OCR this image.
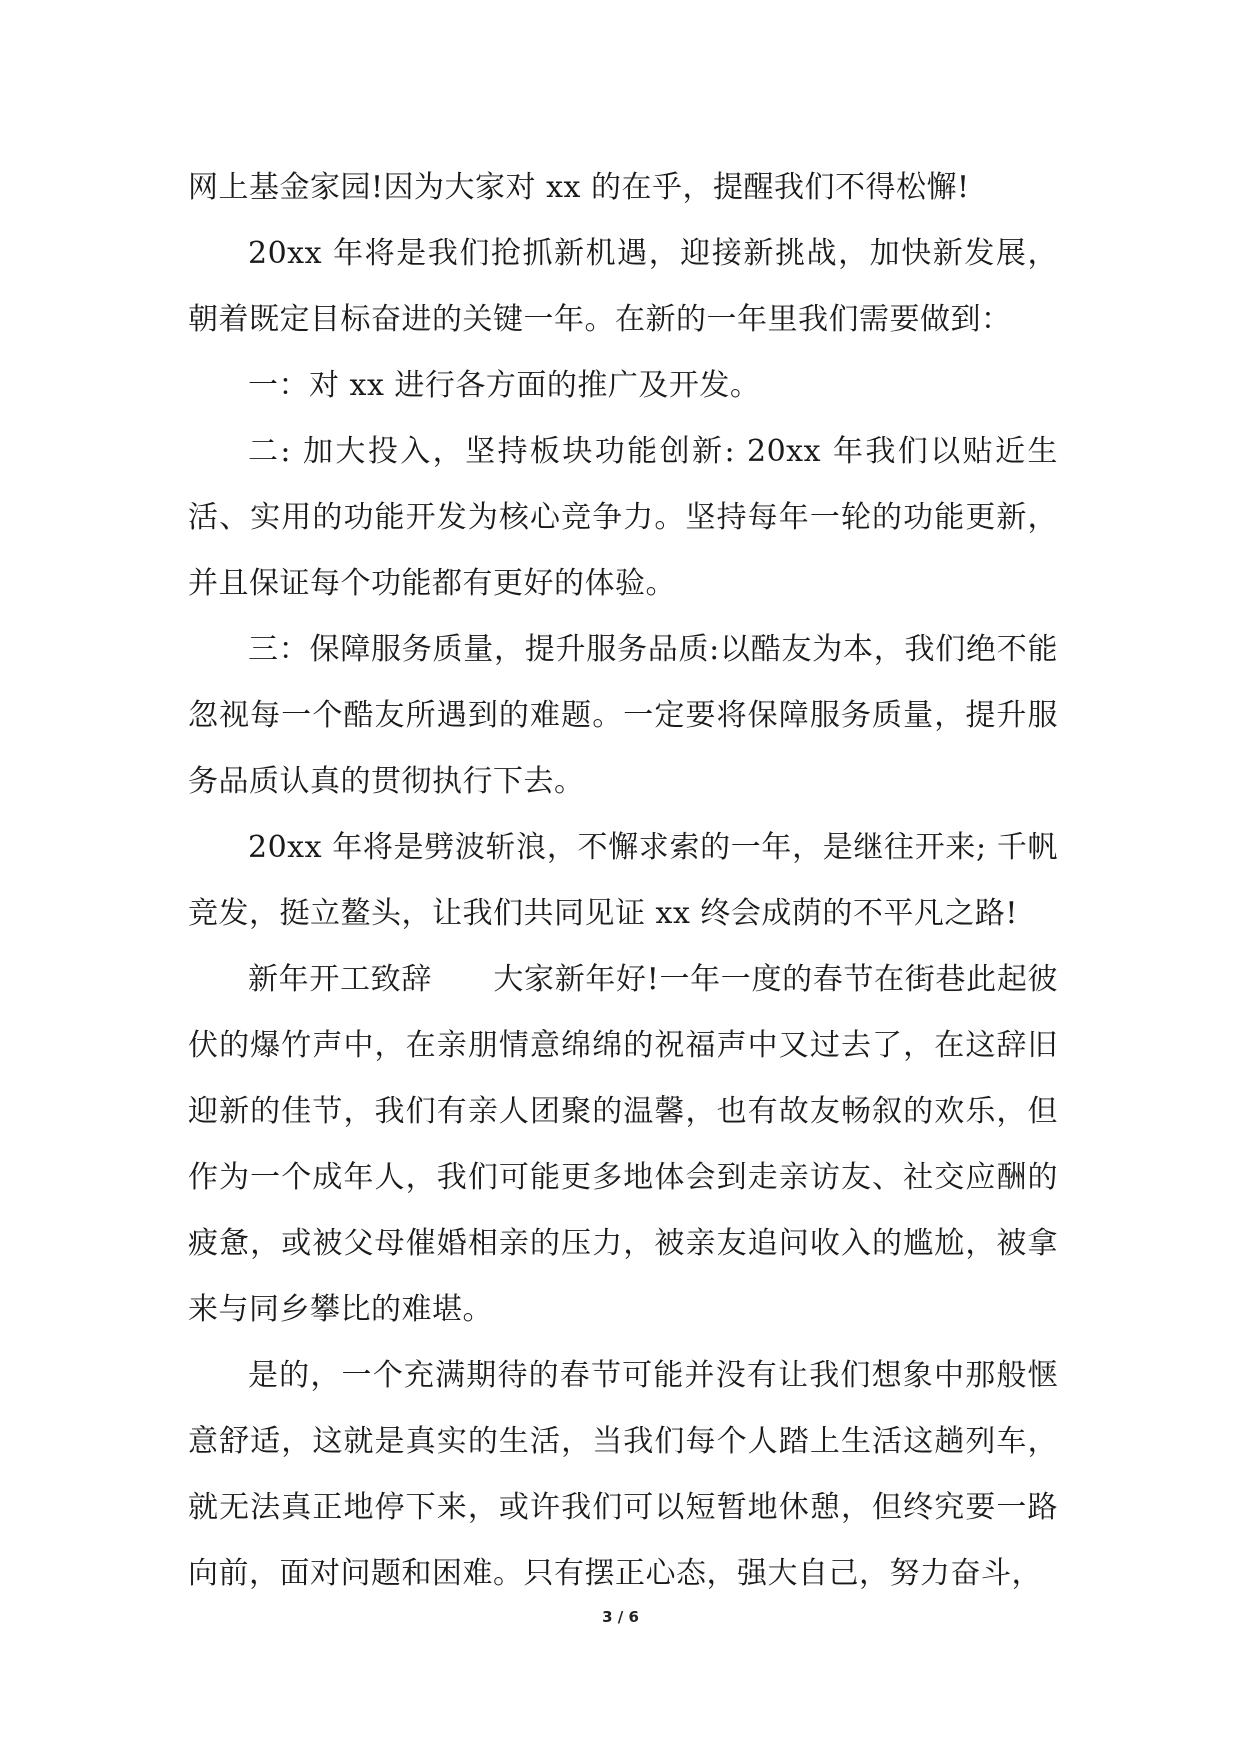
网上基金家园!因为大家对 xx 的在乎，提醒我们不得松懈!

20xx 年将是我们抢抓新机遇，迎接新挑战，加快新发展，朝着既定目标奋进的关键一年。在新的一年里我们需要做到：

一：对 xx 进行各方面的推广及开发。

二: 加大投入，坚持板块功能创新: 20xx 年我们以贴近生活、实用的功能开发为核心竞争力。坚持每年一轮的功能更新，并且保证每个功能都有更好的体验。

三：保障服务质量，提升服务品质:以酷友为本，我们绝不能忽视每一个酷友所遇到的难题。一定要将保障服务质量，提升服务品质认真的贯彻执行下去。

20xx 年将是劈波斩浪，不懈求索的一年，是继往开来; 千帆竞发，挺立鳌头，让我们共同见证 xx 终会成荫的不平凡之路!

新年开工致辞　　大家新年好!一年一度的春节在街巷此起彼伏的爆竹声中，在亲朋情意绵绵的祝福声中又过去了，在这辞旧迎新的佳节，我们有亲人团聚的温馨，也有故友畅叙的欢乐，但作为一个成年人，我们可能更多地体会到走亲访友、社交应酬的疲惫，或被父母催婚相亲的压力，被亲友追问收入的尴尬，被拿来与同乡攀比的难堪。

是的，一个充满期待的春节可能并没有让我们想象中那般惬意舒适，这就是真实的生活，当我们每个人踏上生活这趟列车，就无法真正地停下来，或许我们可以短暂地休憩，但终究要一路向前，面对问题和困难。只有摆正心态，强大自己，努力奋斗，

3 / 6
